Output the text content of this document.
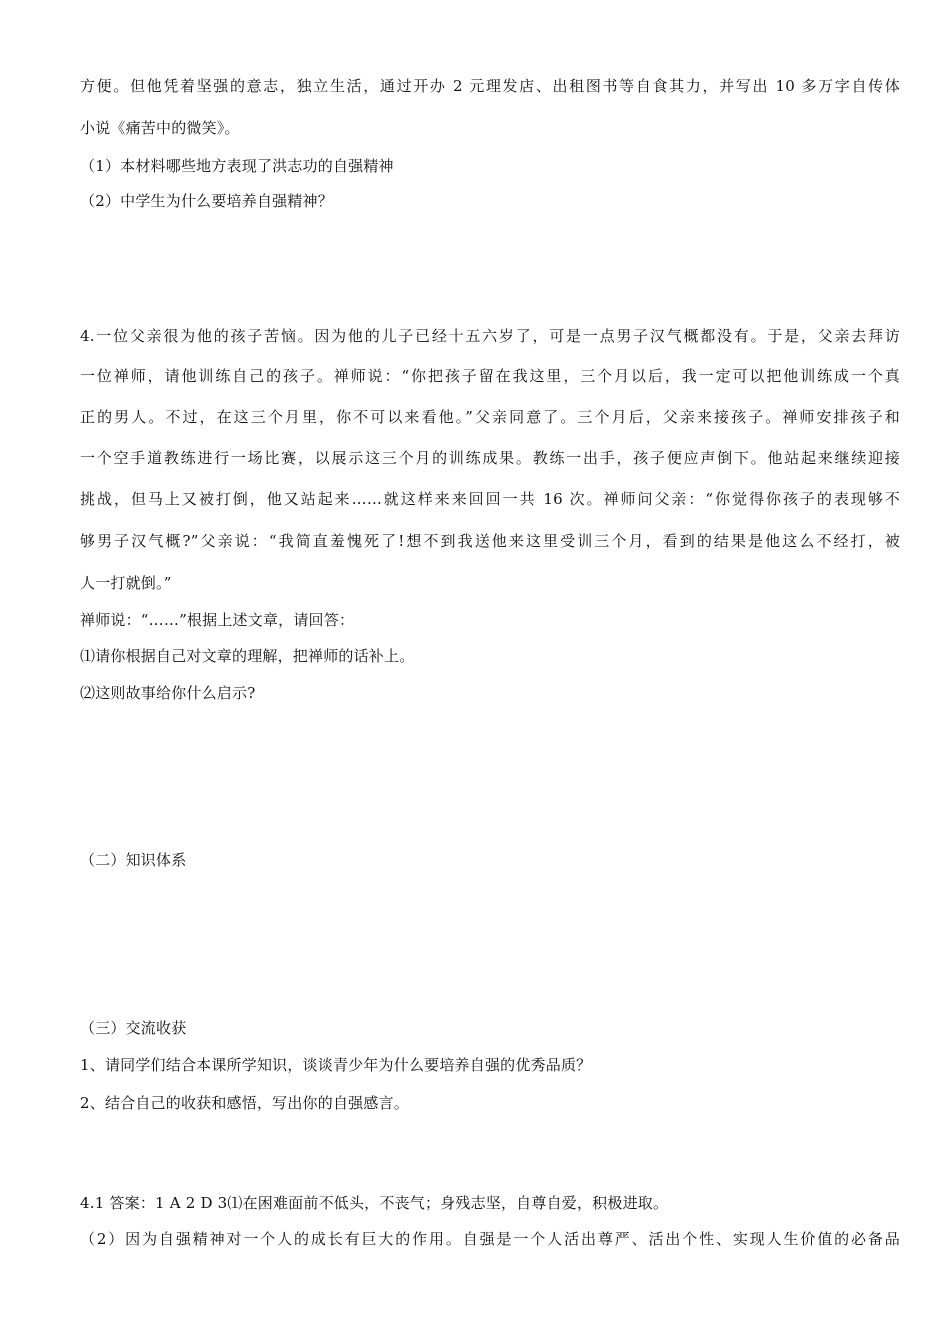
方便。但他凭着坚强的意志，独立生活，通过开办 2 元理发店、出租图书等自食其力，并写出 10 多万字自传体
小说《痛苦中的微笑》。
（1）本材料哪些地方表现了洪志功的自强精神
（2）中学生为什么要培养自强精神？
4.一位父亲很为他的孩子苦恼。因为他的儿子已经十五六岁了，可是一点男子汉气概都没有。于是，父亲去拜访
一位禅师，请他训练自己的孩子。禅师说：“你把孩子留在我这里，三个月以后，我一定可以把他训练成一个真
正的男人。不过，在这三个月里，你不可以来看他。”父亲同意了。三个月后，父亲来接孩子。禅师安排孩子和
一个空手道教练进行一场比赛，以展示这三个月的训练成果。教练一出手，孩子便应声倒下。他站起来继续迎接
挑战，但马上又被打倒，他又站起来……就这样来来回回一共 16 次。禅师问父亲：“你觉得你孩子的表现够不
够男子汉气概?”父亲说：“我简直羞愧死了!想不到我送他来这里受训三个月，看到的结果是他这么不经打，被
人一打就倒。”
禅师说：“……”根据上述文章，请回答：
⑴请你根据自己对文章的理解，把禅师的话补上。
⑵这则故事给你什么启示?
（二）知识体系
（三）交流收获
1、请同学们结合本课所学知识，谈谈青少年为什么要培养自强的优秀品质？
2、结合自己的收获和感悟，写出你的自强感言。
4.1 答案：1 A 2 D 3⑴在困难面前不低头，不丧气；身残志坚，自尊自爱，积极进取。
（2）因为自强精神对一个人的成长有巨大的作用。自强是一个人活出尊严、活出个性、实现人生价值的必备品
